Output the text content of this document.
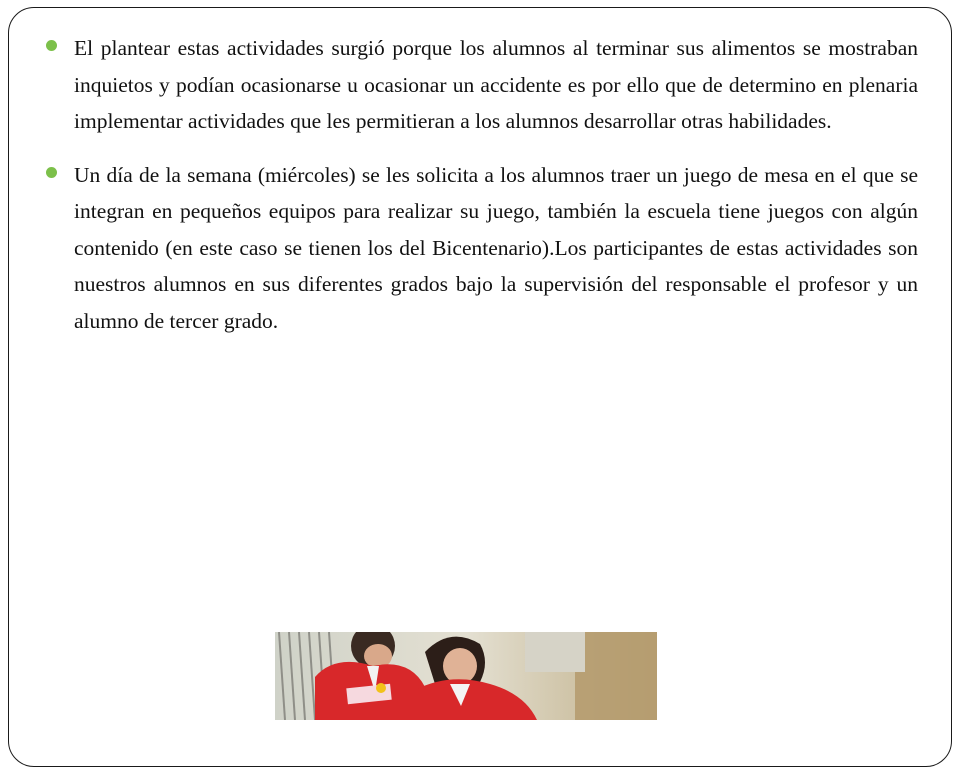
El plantear estas actividades surgió porque los alumnos al terminar sus alimentos se mostraban inquietos y podían ocasionarse u ocasionar un accidente es por ello que de determino en plenaria implementar actividades que les permitieran a los alumnos desarrollar otras habilidades.

Un día de la semana (miércoles) se les solicita a los alumnos traer un juego de mesa en el que se integran en pequeños equipos para realizar su juego, también la escuela tiene juegos con algún contenido (en este caso se tienen los del Bicentenario).Los participantes de estas actividades son nuestros alumnos en sus diferentes grados bajo la supervisión del responsable el profesor y un alumno de tercer grado.
